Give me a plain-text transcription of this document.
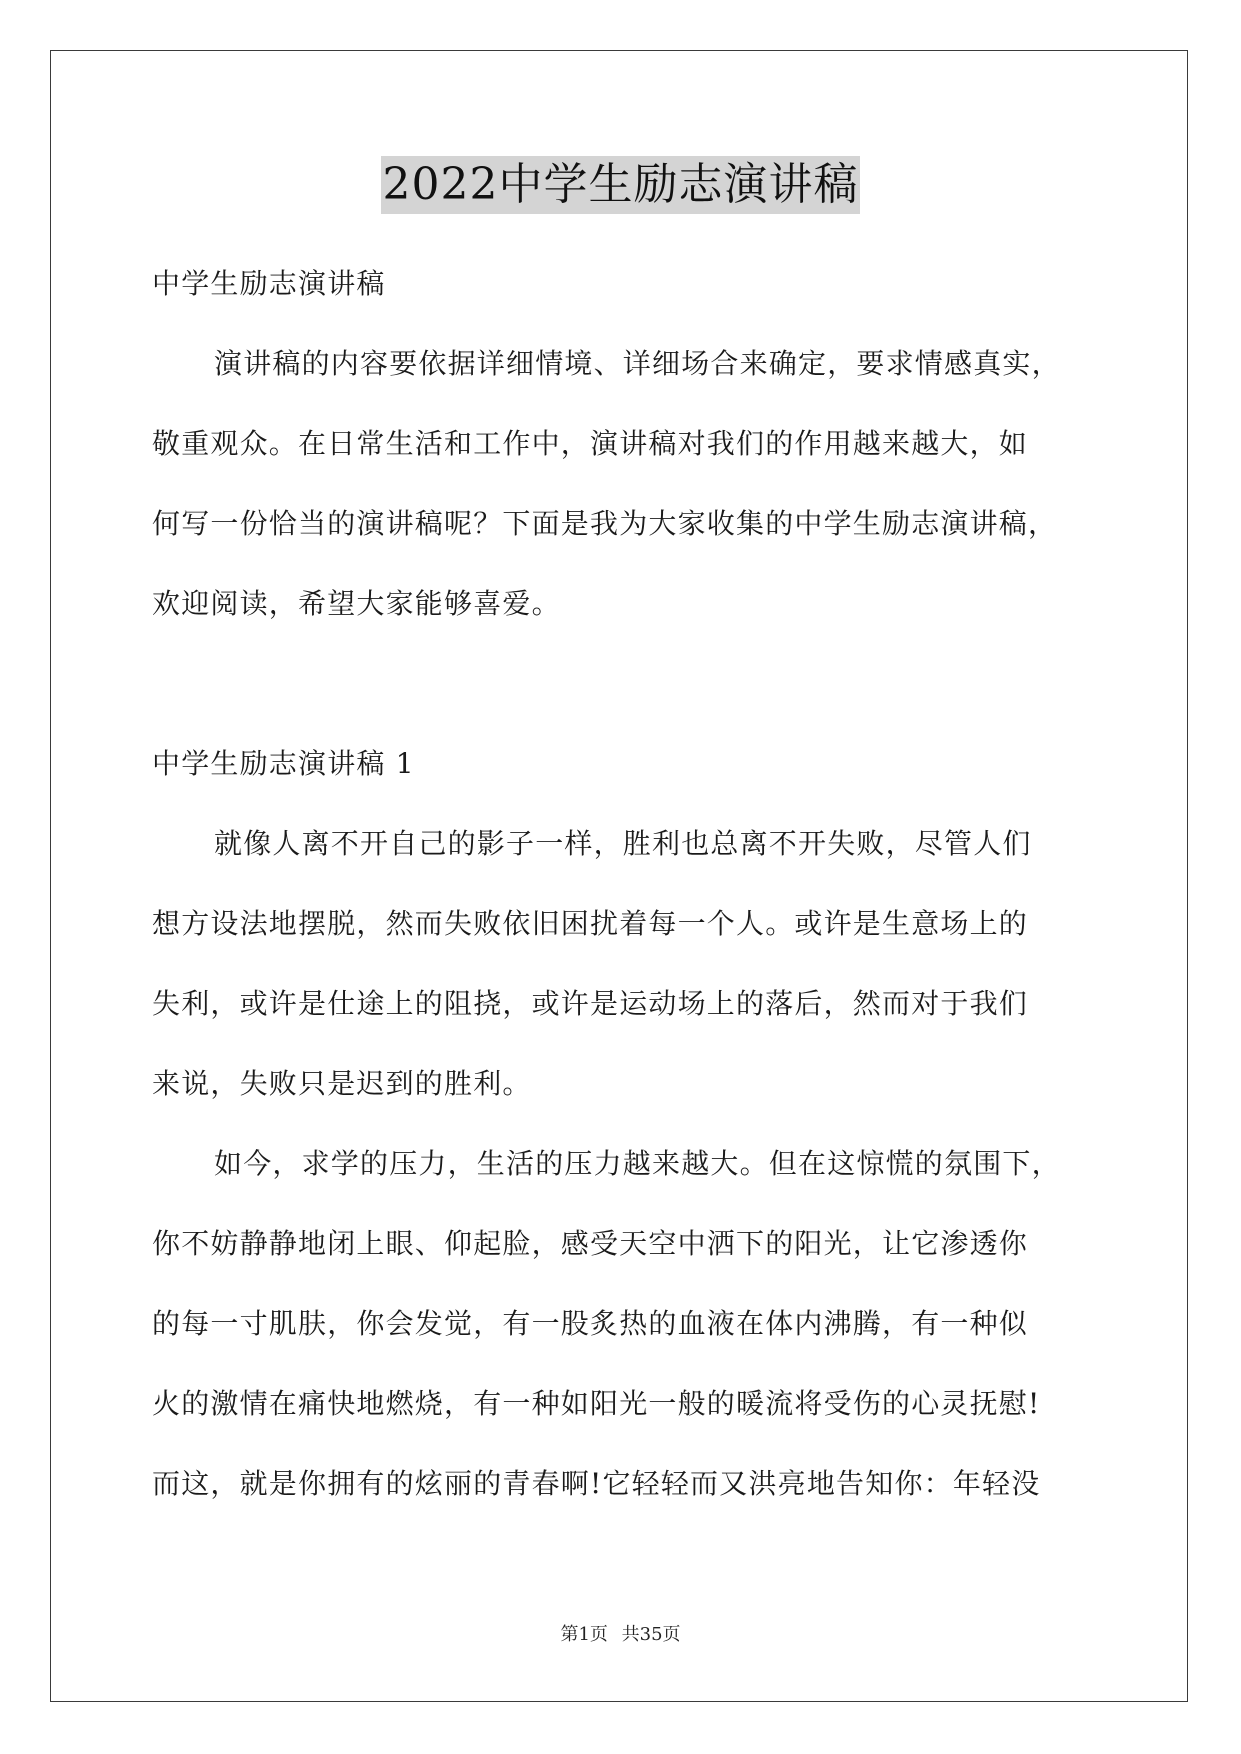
2022中学生励志演讲稿
中学生励志演讲稿
演讲稿的内容要依据详细情境、详细场合来确定，要求情感真实，
敬重观众。在日常生活和工作中，演讲稿对我们的作用越来越大，如
何写一份恰当的演讲稿呢？下面是我为大家收集的中学生励志演讲稿，
欢迎阅读，希望大家能够喜爱。
中学生励志演讲稿 1
就像人离不开自己的影子一样，胜利也总离不开失败，尽管人们
想方设法地摆脱，然而失败依旧困扰着每一个人。或许是生意场上的
失利，或许是仕途上的阻挠，或许是运动场上的落后，然而对于我们
来说，失败只是迟到的胜利。
如今，求学的压力，生活的压力越来越大。但在这惊慌的氛围下，
你不妨静静地闭上眼、仰起脸，感受天空中洒下的阳光，让它渗透你
的每一寸肌肤，你会发觉，有一股炙热的血液在体内沸腾，有一种似
火的激情在痛快地燃烧，有一种如阳光一般的暖流将受伤的心灵抚慰!
而这，就是你拥有的炫丽的青春啊!它轻轻而又洪亮地告知你：年轻没
第1页 共35页
